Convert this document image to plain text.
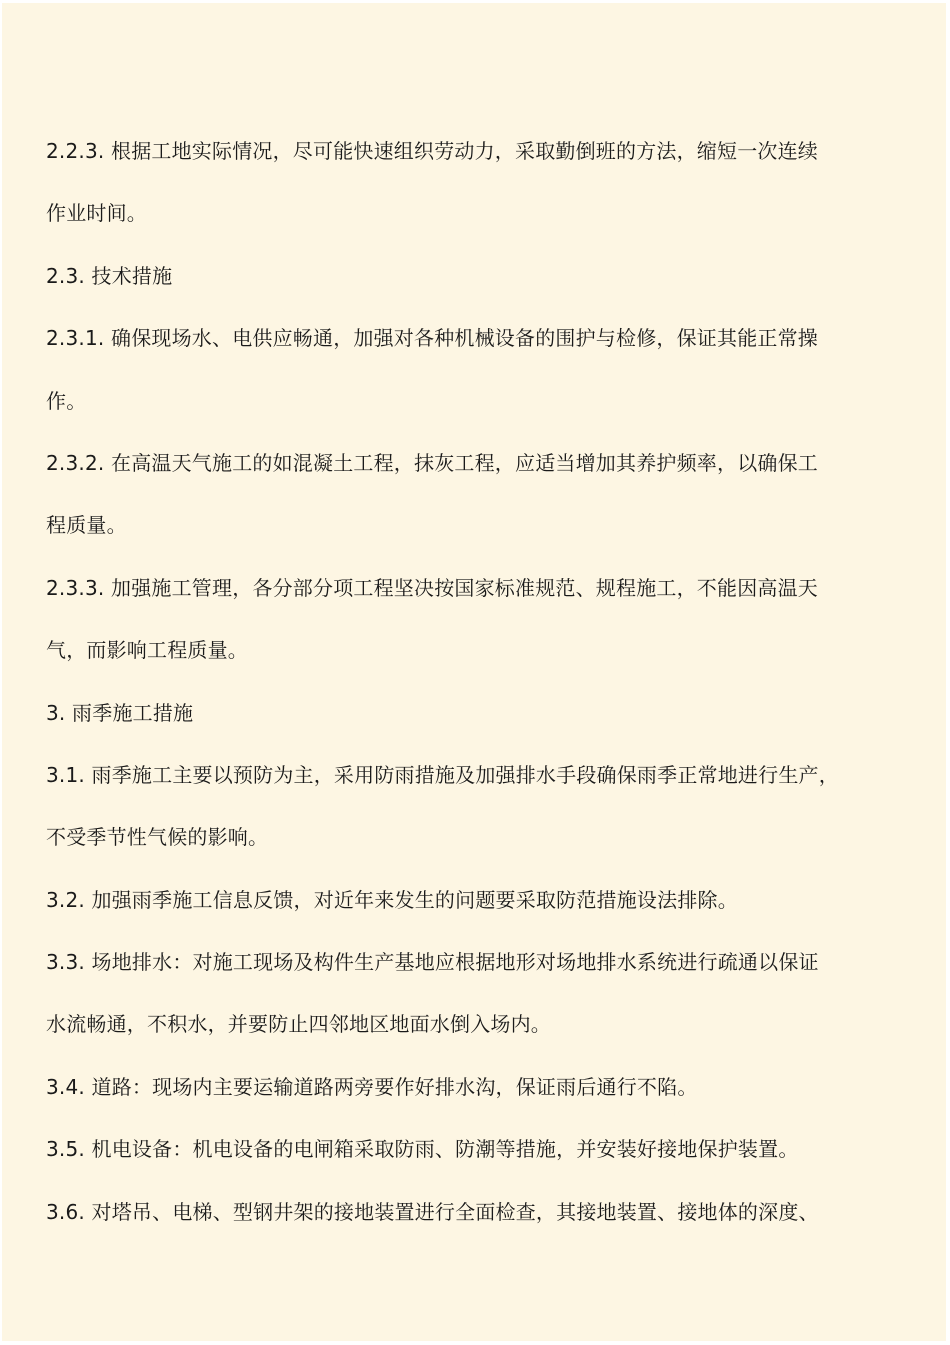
2.2.3. 根据工地实际情况，尽可能快速组织劳动力，采取勤倒班的方法，缩短一次连续
作业时间。
2.3. 技术措施
2.3.1. 确保现场水、电供应畅通，加强对各种机械设备的围护与检修，保证其能正常操
作。
2.3.2. 在高温天气施工的如混凝土工程，抹灰工程，应适当增加其养护频率，以确保工
程质量。
2.3.3. 加强施工管理，各分部分项工程坚决按国家标准规范、规程施工，不能因高温天
气，而影响工程质量。
3. 雨季施工措施
3.1. 雨季施工主要以预防为主，采用防雨措施及加强排水手段确保雨季正常地进行生产，
不受季节性气候的影响。
3.2. 加强雨季施工信息反馈，对近年来发生的问题要采取防范措施设法排除。
3.3. 场地排水：对施工现场及构件生产基地应根据地形对场地排水系统进行疏通以保证
水流畅通，不积水，并要防止四邻地区地面水倒入场内。
3.4. 道路：现场内主要运输道路两旁要作好排水沟，保证雨后通行不陷。
3.5. 机电设备：机电设备的电闸箱采取防雨、防潮等措施，并安装好接地保护装置。
3.6. 对塔吊、电梯、型钢井架的接地装置进行全面检查，其接地装置、接地体的深度、
